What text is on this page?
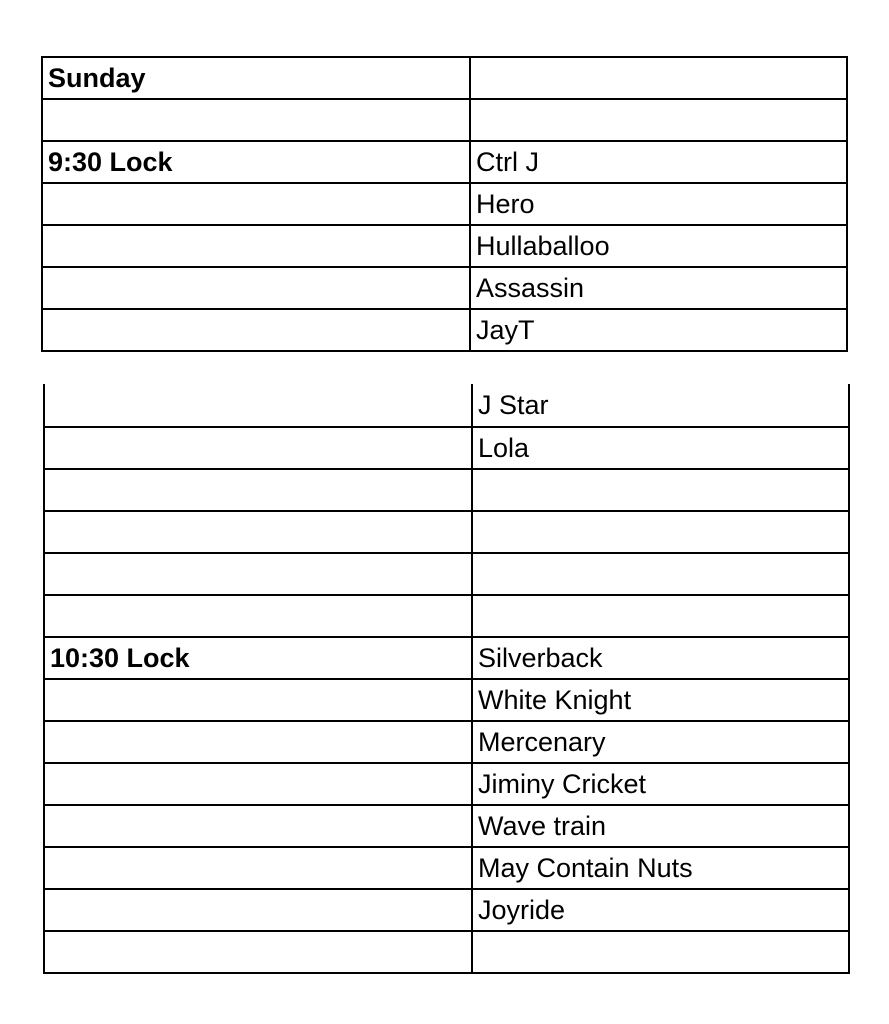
Sunday	

9:30 Lock	Ctrl J
	Hero
	Hullaballoo
	Assassin
	JayT
	J Star
	Lola

10:30 Lock	Silverback
	White Knight
	Mercenary
	Jiminy Cricket
	Wave train
	May Contain Nuts
	Joyride
